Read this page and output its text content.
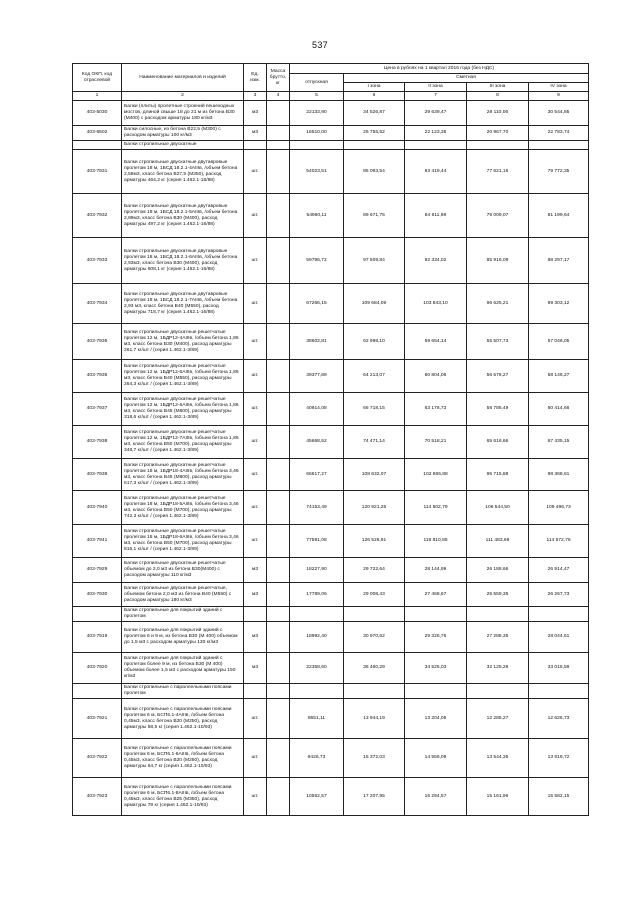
537
Код ОКП, код отраслевой	Наименование материалов и изделий	Ед. изм.	Масса брутто, кг	Цена в рублях на 1 квартал 2016 года (без НДС)				
				отпускная	Сметная			
					I зона	II зона	III зона	IV зона
1	2	3	4	5	6	7	8	9
403-5030	Балки (плиты) пролетные строений пешеходных мостов, длиной свыше 18 до 21 м из бетона В30 (М400) с расходом арматуры 180 кг/м3	м3		22133,90	34 526,87	29 639,47	28 110,06	30 544,85
403-6502	Балки силосные, из бетона В22,5 (М300) с расходом арматуры 100 кг/м3	м3		16510,00	25 755,52	22 123,36	20 967,70	22 783,74
	Балки стропильные двускатные							
403-7931	Балки стропильные двускатные двутавровые пролетом 18 м, 1БСД 18.2.1-4АIIIв, /объем бетона 2,58м3, класс бетона В27,5 (М350), расход арматуры 464,2 кг (серия 1.462.1-16/88)	шт.		54023,51	85 093,54	83 419,44	77 621,15	79 772,35
403-7932	Балки стропильные двускатные двутавровые пролетом 18 м, 1БСД 18.2.1-5АIIIв, /объем бетона 2,89м3, класс бетона В30 (М400), расход арматуры 497,2 кг (серия 1.462.1-16/88)	шт.		54960,11	89 671,75	84 611,98	79 009,07	81 199,64
403-7933	Балки стропильные двускатные двутавровые пролетом 18 м, 1БСД 18.2.1-6АIIIв, /объем бетона 2,93м3, класс бетона В30 (М400), расход арматуры 608,1 кг (серия 1.462.1-16/88)	шт.		59796,72	97 509,84	92 334,02	85 916,09	88 297,17
403-7934	Балки стропильные двускатные двутавровые пролетом 18 м, 1БСД 18.2.1-7АIIIв, /объем бетона 2,93 м3, класс бетона В40 (М550), расход арматуры 718,7 кг (серия 1.462.1-16/88)	шт.		67266,15	109 684,09	103 843,10	96 625,21	99 303,12
403-7935	Балки стропильные двускатные решетчатые пролетом 12 м, 1БДР12-4АIIIв, /объем бетона 1,86 м3, класс бетона В30 (М400), расход арматуры 261,7 кг/шт / (серия 1.462.1-3/89)	шт.		38602,81	62 998,10	59 654,14	55 507,73	57 046,05
403-7936	Балки стропильные двускатные решетчатые пролетом 12 м, 1БДР12-5АIIIв, /объем бетона 1,86 м3, класс бетона В40 (М550), расход арматуры 264,3 кг/шт / (серия 1.462.1-3/89)	шт.		39377,89	64 213,07	60 804,06	56 578,27	58 146,27
403-7937	Балки стропильные двускатные решетчатые пролетом 12 м, 1БДР12-6АIIIв, /объем бетона 1,86 м3, класс бетона В45 (М600), расход арматуры 318,6 кг/шт / (серия 1.462.1-3/89)	шт.		40914,08	66 718,15	63 176,73	58 785,49	60 414,66
403-7938	Балки стропильные двускатные решетчатые пролетом 12 м, 1БДР12-7АIIIв, /объем бетона 1,86 м3, класс бетона В50 (М700), расход арматуры 348,7 кг/шт / (серия 1.462.1-3/89)	шт.		45668,52	74 471,14	70 518,21	65 616,66	67 435,15
403-7939	Балки стропильные двускатные решетчатые пролетом 18 м, 1БДР18-4АIIIв, /объем бетона 3,46 м3, класс бетона В45 (М600), расход арматуры 617,3 кг/шт / (серия 1.462.1-3/89)	шт.		66617,27	108 632,07	102 865,88	95 715,88	98 368,61
403-7940	Балки стропильные двускатные решетчатые пролетом 18 м, 1БДР18-5АIIIв, /объем бетона 3,46 м3, класс бетона В50 (М700), расход арматуры 742,3 кг/шт / (серия 1.462.1-3/89)	шт.		74153,49	120 921,25	114 502,79	106 544,50	109 496,73
403-7941	Балки стропильные двускатные решетчатые пролетом 18 м, 1БДР18-6АIIIв, /объем бетона 3,46 м3, класс бетона В50 (М700), расход арматуры 815,1 кг/шт / (серия 1.462.1-3/89)	шт.		77591,08	126 526,91	119 810,85	111 483,69	114 572,76
403-7929	Балки стропильные двускатные решетчатые объемом до 2,0 м3 из бетона В30(М400) с расходом арматуры 110 кг/м3	м3		18227,90	29 722,64	28 144,99	26 188,66	26 914,47
403-7930	Балки стропильные двускатные решетчатые, объемом бетона 2,0 м3 из бетона В40 (М550) с расходом арматуры 180 кг/м3	м3		17789,06	29 008,43	27 468,67	25 559,35	26 267,73
	Балки стропильные для покрытий зданий с пролетом							
403-7919	Балки стропильные для покрытий зданий с пролетом 6 и 9 м, из бетона В30 (М 400) объемом до 1,5 м3 с расходом арматуры 130 кг/м3	м3		18992,40	30 970,62	29 326,76	27 288,35	28 044,61
403-7920	Балки стропильные для покрытий зданий с пролетом более 9 м, из бетона В30 (М 400) объемом более 1,5 м3 с расходом арматуры 150 кг/м3	м3		22358,60	36 460,29	34 525,03	32 125,28	33 015,59
	Балки стропильные с параллельными поясами пролетом							
403-7921	Балки стропильные с параллельными поясами пролетом 6 м, БСП6.1-4АIIIв, /объем бетона 0,45м3, класс бетона В20 (М250), расход арматуры 58,5 кг (серия 1.462.1-10/93)	шт.		8551,11	13 944,19	13 204,05	12 286,27	12 626,73
403-7922	Балки стропильные с параллельными поясами пролетом 6 м, БСП6.1-6АIIIв, /объем бетона 0,45м3, класс бетона В20 (М250), расход арматуры 64,7 кг (серия 1.462.1-10/93)	шт.		9426,73	15 372,03	14 556,09	13 544,35	13 919,72
403-7923	Балки стропильные с параллельными поясами пролетом 6 м, БСП6.1-8АIIIв, /объем бетона 0,45м3, класс бетона В25 (М350), расход арматуры 78 кг (серия 1.462.1-10/93)	шт.		10552,57	17 207,95	16 294,57	15 161,96	15 582,15
